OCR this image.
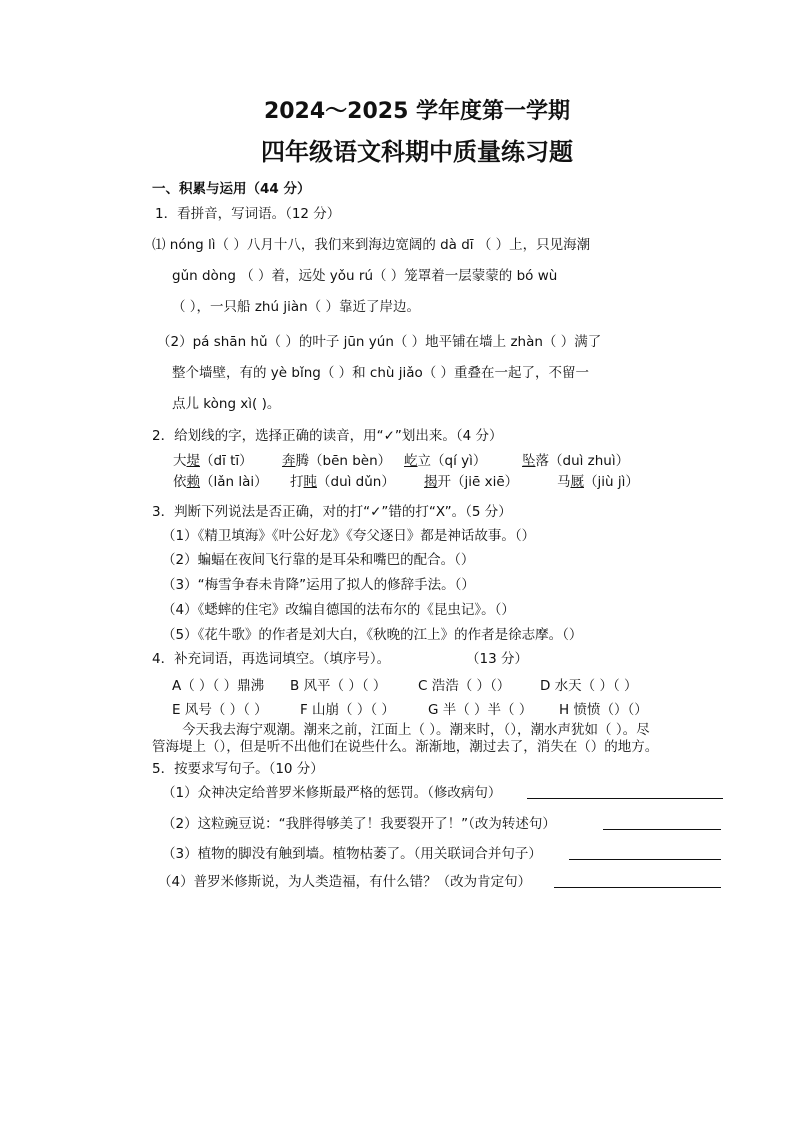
2024～2025 学年度第一学期
四年级语文科期中质量练习题
一、积累与运用（44 分）
1．看拼音，写词语。（12 分）
⑴ nóng lì（ ）八月十八，我们来到海边宽阔的 dà dī （ ）上，只见海潮
gǔn dòng （ ）着，远处 yǒu rú（ ）笼罩着一层蒙蒙的 bó wù
（ ），一只船 zhú jiàn（ ）靠近了岸边。
（2）pá shān hǔ（ ）的叶子 jūn yún（ ）地平铺在墙上 zhàn（ ）满了
整个墙壁，有的 yè bǐng（ ）和 chù jiǎo（ ）重叠在一起了，不留一
点儿 kòng xì( )。
2．给划线的字，选择正确的读音，用“✓”划出来。（4 分）
大堤（dī tī） 奔腾（bēn bèn） 屹立（qí yì）	坠落（duì zhuì）
依赖（lǎn lài） 打盹（duì dǔn） 揭开（jiē xiē）	马厩（jiù jì）
3．判断下列说法是否正确，对的打“✓”错的打“X”。（5 分）
（1）《精卫填海》《叶公好龙》《夸父逐日》都是神话故事。（）
（2）蝙蝠在夜间飞行靠的是耳朵和嘴巴的配合。（）
（3）“梅雪争春未肯降”运用了拟人的修辞手法。（）
（4）《蟋蟀的住宅》改编自德国的法布尔的《昆虫记》。（）
（5）《花牛歌》的作者是刘大白，《秋晚的江上》的作者是徐志摩。（）
4．补充词语，再选词填空。（填序号）。	（13 分）
A（ ）（ ）鼎沸 B 风平（ ）（ ） C 浩浩（ ）（） D 水天（ ）（ ）
E 风号（ ）（ ） F 山崩（ ）（ ） G 半（ ）半（ ） H 愤愤（）（）
今天我去海宁观潮。潮来之前，江面上（ ）。潮来时，（），潮水声犹如（ ）。尽
管海堤上（），但是听不出他们在说些什么。渐渐地，潮过去了，消失在（）的地方。
5．按要求写句子。（10 分）
（1）众神决定给普罗米修斯最严格的惩罚。（修改病句）
（2）这粒豌豆说：“我胖得够美了！我要裂开了！”（改为转述句）
（3）植物的脚没有触到墙。植物枯萎了。（用关联词合并句子）
（4）普罗米修斯说，为人类造福，有什么错？（改为肯定句）
